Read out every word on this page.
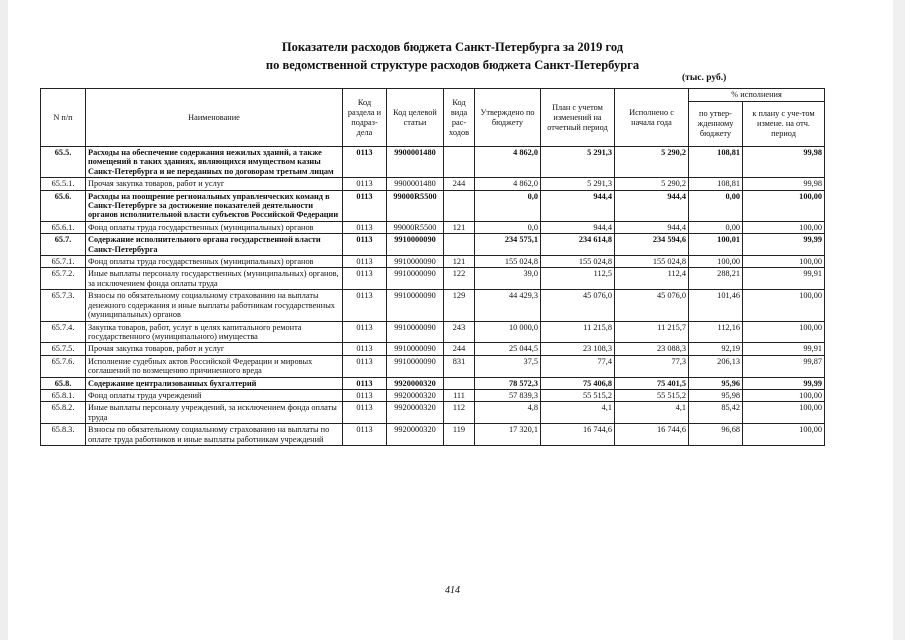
Показатели расходов бюджета Санкт-Петербурга за 2019 год
по ведомственной структуре расходов бюджета Санкт-Петербурга
(тыс. руб.)
N п/п	Наименование	Код раздела и подраз-дела	Код целевой статьи	Код вида рас-ходов	Утверждено по бюджету	План с учетом изменений на отчетный период	Исполнено с начала года	% исполнения	
								по утвер-жденному бюджету	к плану с уче-том измене. на отч. период
65.5.	Расходы на обеспечение содержания нежилых зданий, а также помещений в таких зданиях, являющихся имуществом казны Санкт-Петербурга и не переданных по договорам третьим лицам	0113	9900001480		4 862,0	5 291,3	5 290,2	108,81	99,98
65.5.1.	Прочая закупка товаров, работ и услуг	0113	9900001480	244	4 862,0	5 291,3	5 290,2	108,81	99,98
65.6.	Расходы на поощрение региональных управленческих команд в Санкт-Петербурге за достижение показателей деятельности органов исполнительной власти субъектов Российской Федерации	0113	99000R5500		0,0	944,4	944,4	0,00	100,00
65.6.1.	Фонд оплаты труда государственных (муниципальных) органов	0113	99000R5500	121	0,0	944,4	944,4	0,00	100,00
65.7.	Содержание исполнительного органа государственной власти Санкт-Петербурга	0113	9910000090		234 575,1	234 614,8	234 594,6	100,01	99,99
65.7.1.	Фонд оплаты труда государственных (муниципальных) органов	0113	9910000090	121	155 024,8	155 024,8	155 024,8	100,00	100,00
65.7.2.	Иные выплаты персоналу государственных (муниципальных) органов, за исключением фонда оплаты труда	0113	9910000090	122	39,0	112,5	112,4	288,21	99,91
65.7.3.	Взносы по обязательному социальному страхованию на выплаты денежного содержания и иные выплаты работникам государственных (муниципальных) органов	0113	9910000090	129	44 429,3	45 076,0	45 076,0	101,46	100,00
65.7.4.	Закупка товаров, работ, услуг в целях капитального ремонта государственного (муниципального) имущества	0113	9910000090	243	10 000,0	11 215,8	11 215,7	112,16	100,00
65.7.5.	Прочая закупка товаров, работ и услуг	0113	9910000090	244	25 044,5	23 108,3	23 088,3	92,19	99,91
65.7.6.	Исполнение судебных актов Российской Федерации и мировых соглашений по возмещению причиненного вреда	0113	9910000090	831	37,5	77,4	77,3	206,13	99,87
65.8.	Содержание централизованных бухгалтерий	0113	9920000320		78 572,3	75 406,8	75 401,5	95,96	99,99
65.8.1.	Фонд оплаты труда учреждений	0113	9920000320	111	57 839,3	55 515,2	55 515,2	95,98	100,00
65.8.2.	Иные выплаты персоналу учреждений, за исключением фонда оплаты труда	0113	9920000320	112	4,8	4,1	4,1	85,42	100,00
65.8.3.	Взносы по обязательному социальному страхованию на выплаты по оплате труда работников и иные выплаты работникам учреждений	0113	9920000320	119	17 320,1	16 744,6	16 744,6	96,68	100,00
414
